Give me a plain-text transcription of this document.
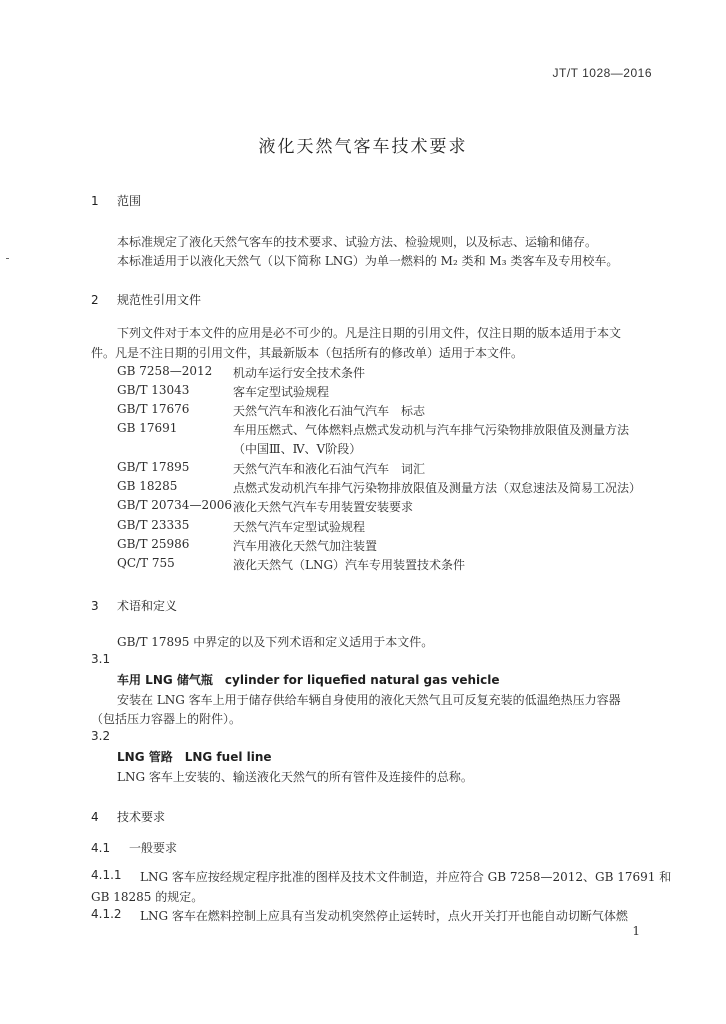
JT/T 1028—2016
液化天然气客车技术要求
1 范围
本标准规定了液化天然气客车的技术要求、试验方法、检验规则，以及标志、运输和储存。
本标准适用于以液化天然气（以下简称 LNG）为单一燃料的 M₂ 类和 M₃ 类客车及专用校车。
2 规范性引用文件
下列文件对于本文件的应用是必不可少的。凡是注日期的引用文件，仅注日期的版本适用于本文
件。凡是不注日期的引用文件，其最新版本（包括所有的修改单）适用于本文件。
GB 7258—2012 机动车运行安全技术条件
GB/T 13043	客车定型试验规程
GB/T 17676	天然气汽车和液化石油气汽车　标志
GB 17691	车用压燃式、气体燃料点燃式发动机与汽车排气污染物排放限值及测量方法
（中国Ⅲ、Ⅳ、Ⅴ阶段）
GB/T 17895	天然气汽车和液化石油气汽车　词汇
GB 18285	点燃式发动机汽车排气污染物排放限值及测量方法（双怠速法及简易工况法）
GB/T 20734—2006 液化天然气汽车专用装置安装要求
GB/T 23335	天然气汽车定型试验规程
GB/T 25986	汽车用液化天然气加注装置
QC/T 755	液化天然气（LNG）汽车专用装置技术条件
3 术语和定义
GB/T 17895 中界定的以及下列术语和定义适用于本文件。
3.1
车用 LNG 储气瓶 cylinder for liquefied natural gas vehicle
安装在 LNG 客车上用于储存供给车辆自身使用的液化天然气且可反复充装的低温绝热压力容器
（包括压力容器上的附件）。
3.2
LNG 管路 LNG fuel line
LNG 客车上安装的、输送液化天然气的所有管件及连接件的总称。
4 技术要求
4.1 一般要求
4.1.1 LNG 客车应按经规定程序批准的图样及技术文件制造，并应符合 GB 7258—2012、GB 17691 和
GB 18285 的规定。
4.1.2 LNG 客车在燃料控制上应具有当发动机突然停止运转时，点火开关打开也能自动切断气体燃
1
